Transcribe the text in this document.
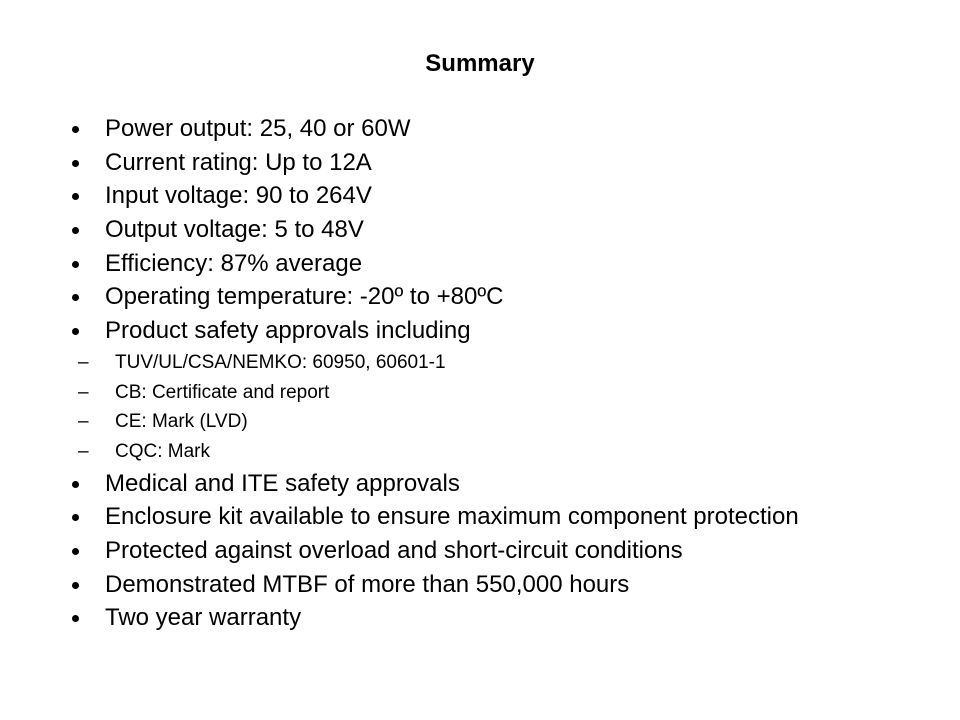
Summary
Power output: 25, 40 or 60W
Current rating: Up to 12A
Input voltage: 90 to 264V
Output voltage: 5 to 48V
Efficiency: 87% average
Operating temperature: -20º to +80ºC
Product safety approvals including
– TUV/UL/CSA/NEMKO: 60950, 60601-1
– CB: Certificate and report
– CE: Mark (LVD)
– CQC: Mark
Medical and ITE safety approvals
Enclosure kit available to ensure maximum component protection
Protected against overload and short-circuit conditions
Demonstrated MTBF of more than 550,000 hours
Two year warranty
